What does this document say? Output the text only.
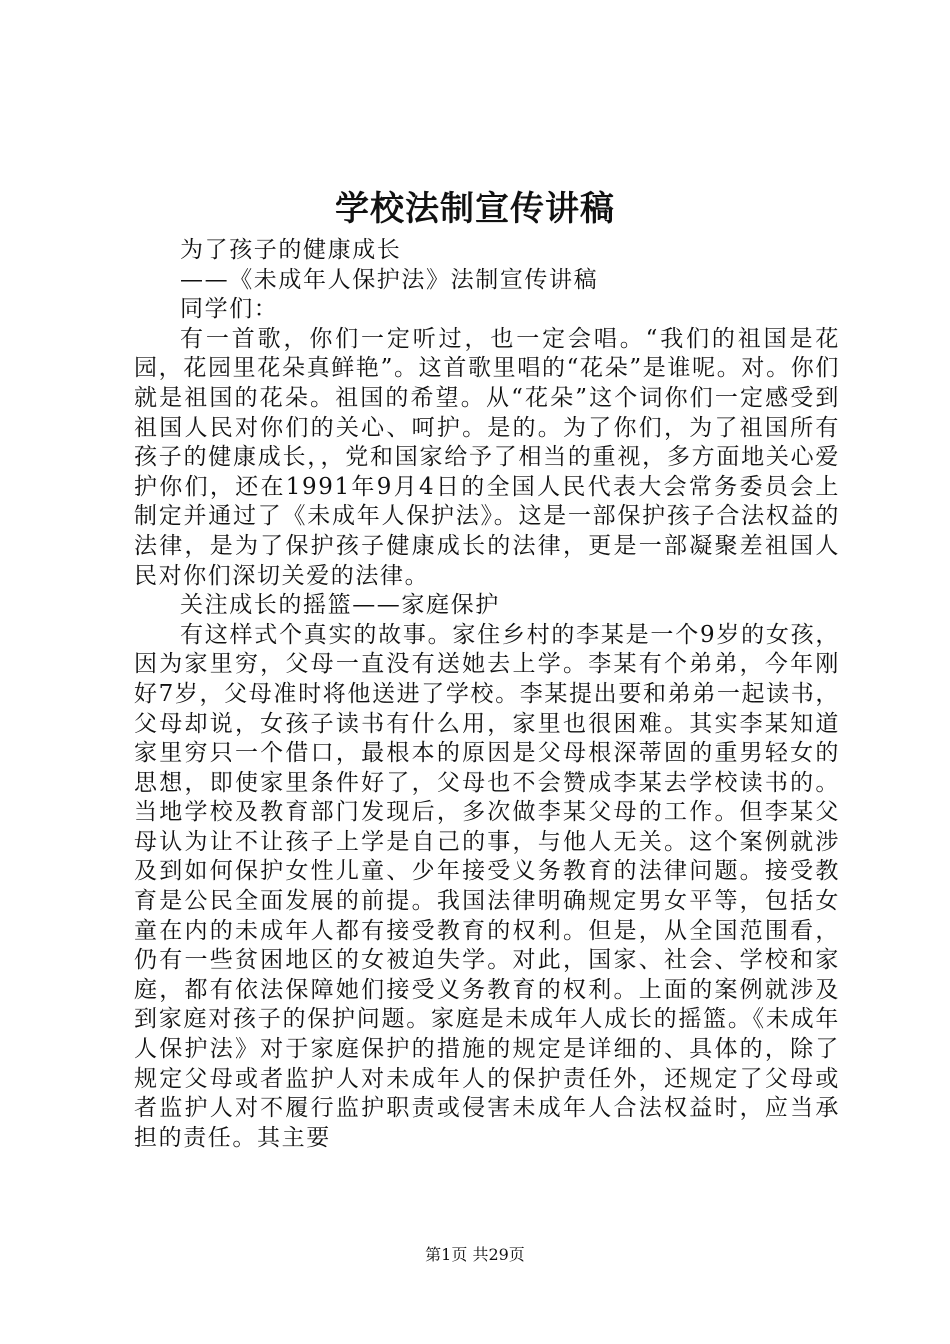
学校法制宣传讲稿

为了孩子的健康成长

——《未成年人保护法》法制宣传讲稿

同学们：

有一首歌，你们一定听过，也一定会唱。“我们的祖国是花园，花园里花朵真鲜艳”。这首歌里唱的“花朵”是谁呢。对。你们就是祖国的花朵。祖国的希望。从“花朵”这个词你们一定感受到祖国人民对你们的关心、呵护。是的。为了你们，为了祖国所有孩子的健康成长，，党和国家给予了相当的重视，多方面地关心爱护你们，还在1991年9月4日的全国人民代表大会常务委员会上制定并通过了《未成年人保护法》。这是一部保护孩子合法权益的法律，是为了保护孩子健康成长的法律，更是一部凝聚差祖国人民对你们深切关爱的法律。

关注成长的摇篮——家庭保护

有这样式个真实的故事。家住乡村的李某是一个9岁的女孩，因为家里穷，父母一直没有送她去上学。李某有个弟弟，今年刚好7岁，父母准时将他送进了学校。李某提出要和弟弟一起读书，父母却说，女孩子读书有什么用，家里也很困难。其实李某知道家里穷只一个借口，最根本的原因是父母根深蒂固的重男轻女的思想，即使家里条件好了，父母也不会赞成李某去学校读书的。当地学校及教育部门发现后，多次做李某父母的工作。但李某父母认为让不让孩子上学是自己的事，与他人无关。这个案例就涉及到如何保护女性儿童、少年接受义务教育的法律问题。接受教育是公民全面发展的前提。我国法律明确规定男女平等，包括女童在内的未成年人都有接受教育的权利。但是，从全国范围看，仍有一些贫困地区的女被迫失学。对此，国家、社会、学校和家庭，都有依法保障她们接受义务教育的权利。上面的案例就涉及到家庭对孩子的保护问题。家庭是未成年人成长的摇篮。《未成年人保护法》对于家庭保护的措施的规定是详细的、具体的，除了规定父母或者监护人对未成年人的保护责任外，还规定了父母或者监护人对不履行监护职责或侵害未成年人合法权益时，应当承担的责任。其主要

第1页 共29页
